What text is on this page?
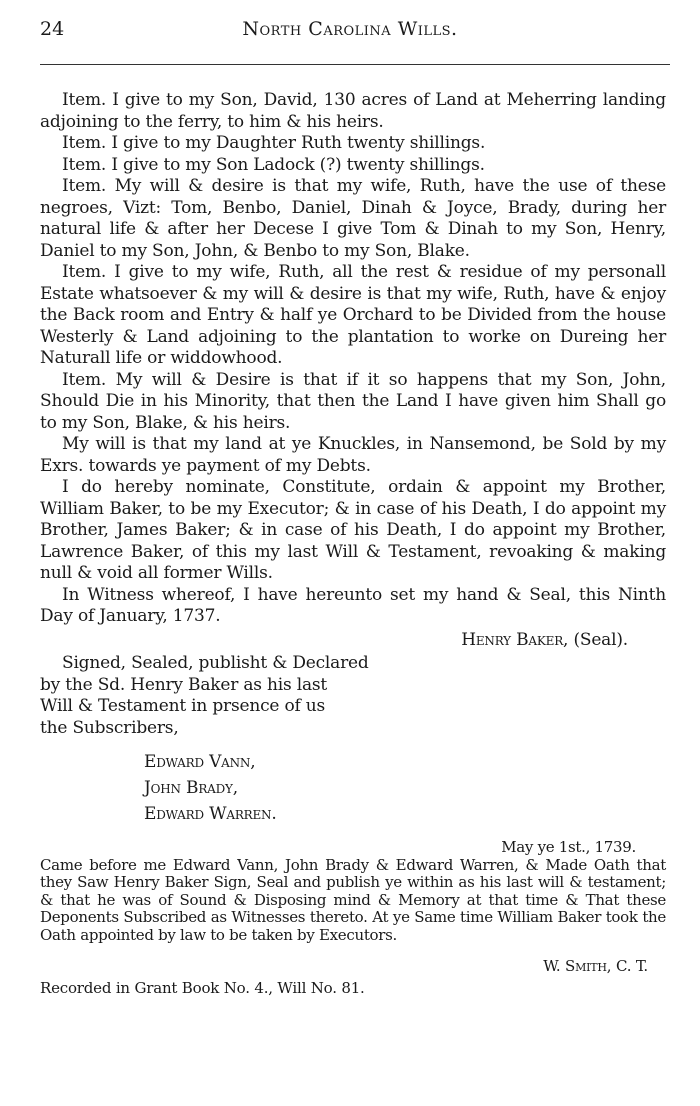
24	North Carolina Wills.

Item. I give to my Son, David, 130 acres of Land at Meherring landing adjoining to the ferry, to him & his heirs.

Item. I give to my Daughter Ruth twenty shillings.

Item. I give to my Son Ladock (?) twenty shillings.

Item. My will & desire is that my wife, Ruth, have the use of these negroes, Vizt: Tom, Benbo, Daniel, Dinah & Joyce, Brady, during her natural life & after her Decese I give Tom & Dinah to my Son, Henry, Daniel to my Son, John, & Benbo to my Son, Blake.

Item. I give to my wife, Ruth, all the rest & residue of my personall Estate whatsoever & my will & desire is that my wife, Ruth, have & enjoy the Back room and Entry & half ye Orchard to be Divided from the house Westerly & Land adjoining to the plantation to worke on Dureing her Naturall life or widdowhood.

Item. My will & Desire is that if it so happens that my Son, John, Should Die in his Minority, that then the Land I have given him Shall go to my Son, Blake, & his heirs.

My will is that my land at ye Knuckles, in Nansemond, be Sold by my Exrs. towards ye payment of my Debts.

I do hereby nominate, Constitute, ordain & appoint my Brother, William Baker, to be my Executor; & in case of his Death, I do appoint my Brother, James Baker; & in case of his Death, I do appoint my Brother, Lawrence Baker, of this my last Will & Testament, revoaking & making null & void all former Wills.

In Witness whereof, I have hereunto set my hand & Seal, this Ninth Day of January, 1737.

Henry Baker, (Seal).
Signed, Sealed, publisht & Declared
by the Sd. Henry Baker as his last
Will & Testament in prsence of us
the Subscribers,
Edward Vann,
John Brady,
Edward Warren.
May ye 1st., 1739.

Came before me Edward Vann, John Brady & Edward Warren, & Made Oath that they Saw Henry Baker Sign, Seal and publish ye within as his last will & testament; & that he was of Sound & Disposing mind & Memory at that time & That these Deponents Subscribed as Witnesses thereto. At ye Same time William Baker took the Oath appointed by law to be taken by Executors.

W. Smith, C. T.

Recorded in Grant Book No. 4., Will No. 81.
